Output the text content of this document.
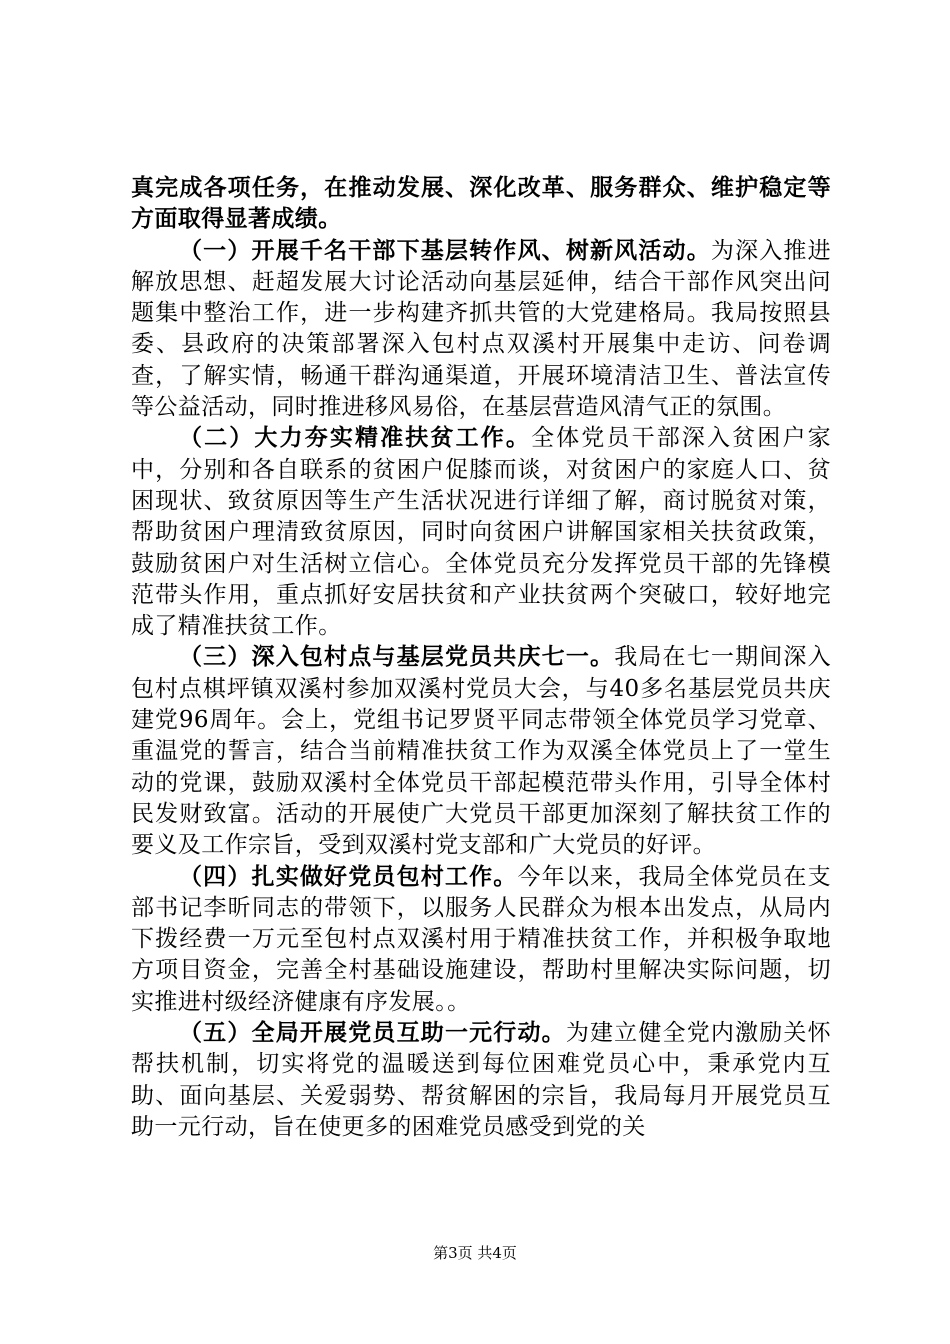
真完成各项任务，在推动发展、深化改革、服务群众、维护稳定等方面取得显著成绩。

（一）开展千名干部下基层转作风、树新风活动。为深入推进解放思想、赶超发展大讨论活动向基层延伸，结合干部作风突出问题集中整治工作，进一步构建齐抓共管的大党建格局。我局按照县委、县政府的决策部署深入包村点双溪村开展集中走访、问卷调查，了解实情，畅通干群沟通渠道，开展环境清洁卫生、普法宣传等公益活动，同时推进移风易俗，在基层营造风清气正的氛围。

（二）大力夯实精准扶贫工作。全体党员干部深入贫困户家中，分别和各自联系的贫困户促膝而谈，对贫困户的家庭人口、贫困现状、致贫原因等生产生活状况进行详细了解，商讨脱贫对策，帮助贫困户理清致贫原因，同时向贫困户讲解国家相关扶贫政策，鼓励贫困户对生活树立信心。全体党员充分发挥党员干部的先锋模范带头作用，重点抓好安居扶贫和产业扶贫两个突破口，较好地完成了精准扶贫工作。

（三）深入包村点与基层党员共庆七一。我局在七一期间深入包村点棋坪镇双溪村参加双溪村党员大会，与40多名基层党员共庆建党96周年。会上，党组书记罗贤平同志带领全体党员学习党章、重温党的誓言，结合当前精准扶贫工作为双溪全体党员上了一堂生动的党课，鼓励双溪村全体党员干部起模范带头作用，引导全体村民发财致富。活动的开展使广大党员干部更加深刻了解扶贫工作的要义及工作宗旨，受到双溪村党支部和广大党员的好评。

（四）扎实做好党员包村工作。今年以来，我局全体党员在支部书记李昕同志的带领下，以服务人民群众为根本出发点，从局内下拨经费一万元至包村点双溪村用于精准扶贫工作，并积极争取地方项目资金，完善全村基础设施建设，帮助村里解决实际问题，切实推进村级经济健康有序发展。。

（五）全局开展党员互助一元行动。为建立健全党内激励关怀帮扶机制，切实将党的温暖送到每位困难党员心中，秉承党内互助、面向基层、关爱弱势、帮贫解困的宗旨，我局每月开展党员互助一元行动，旨在使更多的困难党员感受到党的关

第3页 共4页
